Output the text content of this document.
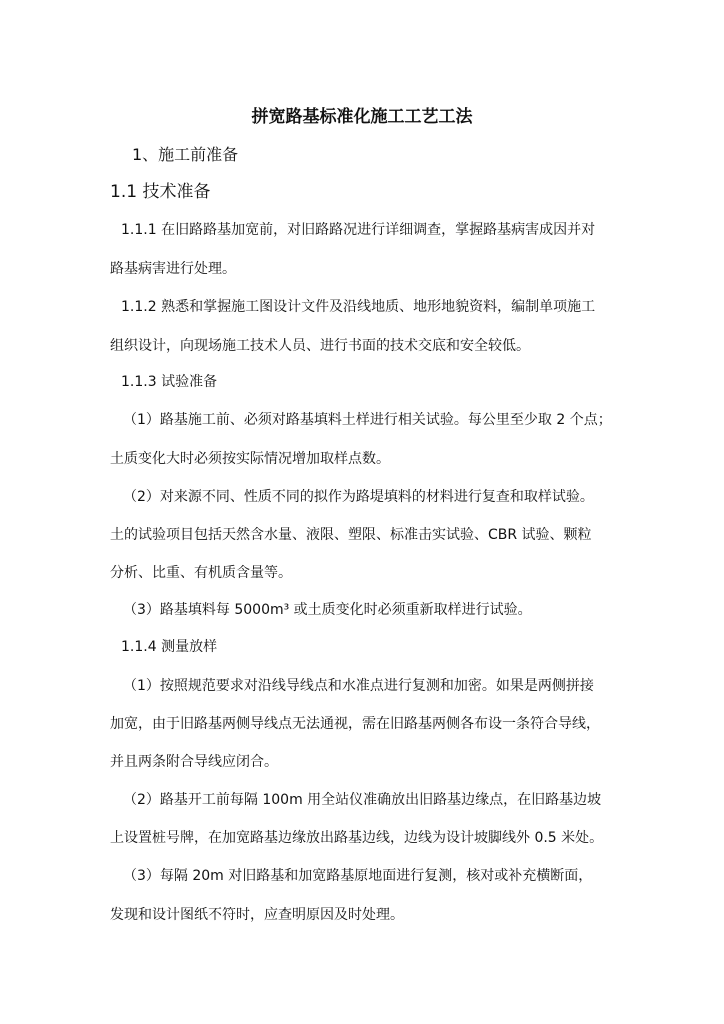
拼宽路基标准化施工工艺工法
1、施工前准备
1.1 技术准备
1.1.1 在旧路路基加宽前，对旧路路况进行详细调查，掌握路基病害成因并对
路基病害进行处理。
1.1.2 熟悉和掌握施工图设计文件及沿线地质、地形地貌资料，编制单项施工
组织设计，向现场施工技术人员、进行书面的技术交底和安全较低。
1.1.3 试验准备
（1）路基施工前、必须对路基填料土样进行相关试验。每公里至少取 2 个点；
土质变化大时必须按实际情况增加取样点数。
（2）对来源不同、性质不同的拟作为路堤填料的材料进行复查和取样试验。
土的试验项目包括天然含水量、液限、塑限、标准击实试验、CBR 试验、颗粒
分析、比重、有机质含量等。
（3）路基填料每 5000m³ 或土质变化时必须重新取样进行试验。
1.1.4 测量放样
（1）按照规范要求对沿线导线点和水准点进行复测和加密。如果是两侧拼接
加宽，由于旧路基两侧导线点无法通视，需在旧路基两侧各布设一条符合导线，
并且两条附合导线应闭合。
（2）路基开工前每隔 100m 用全站仪准确放出旧路基边缘点，在旧路基边坡
上设置桩号牌，在加宽路基边缘放出路基边线，边线为设计坡脚线外 0.5 米处。
（3）每隔 20m 对旧路基和加宽路基原地面进行复测，核对或补充横断面，
发现和设计图纸不符时，应查明原因及时处理。
